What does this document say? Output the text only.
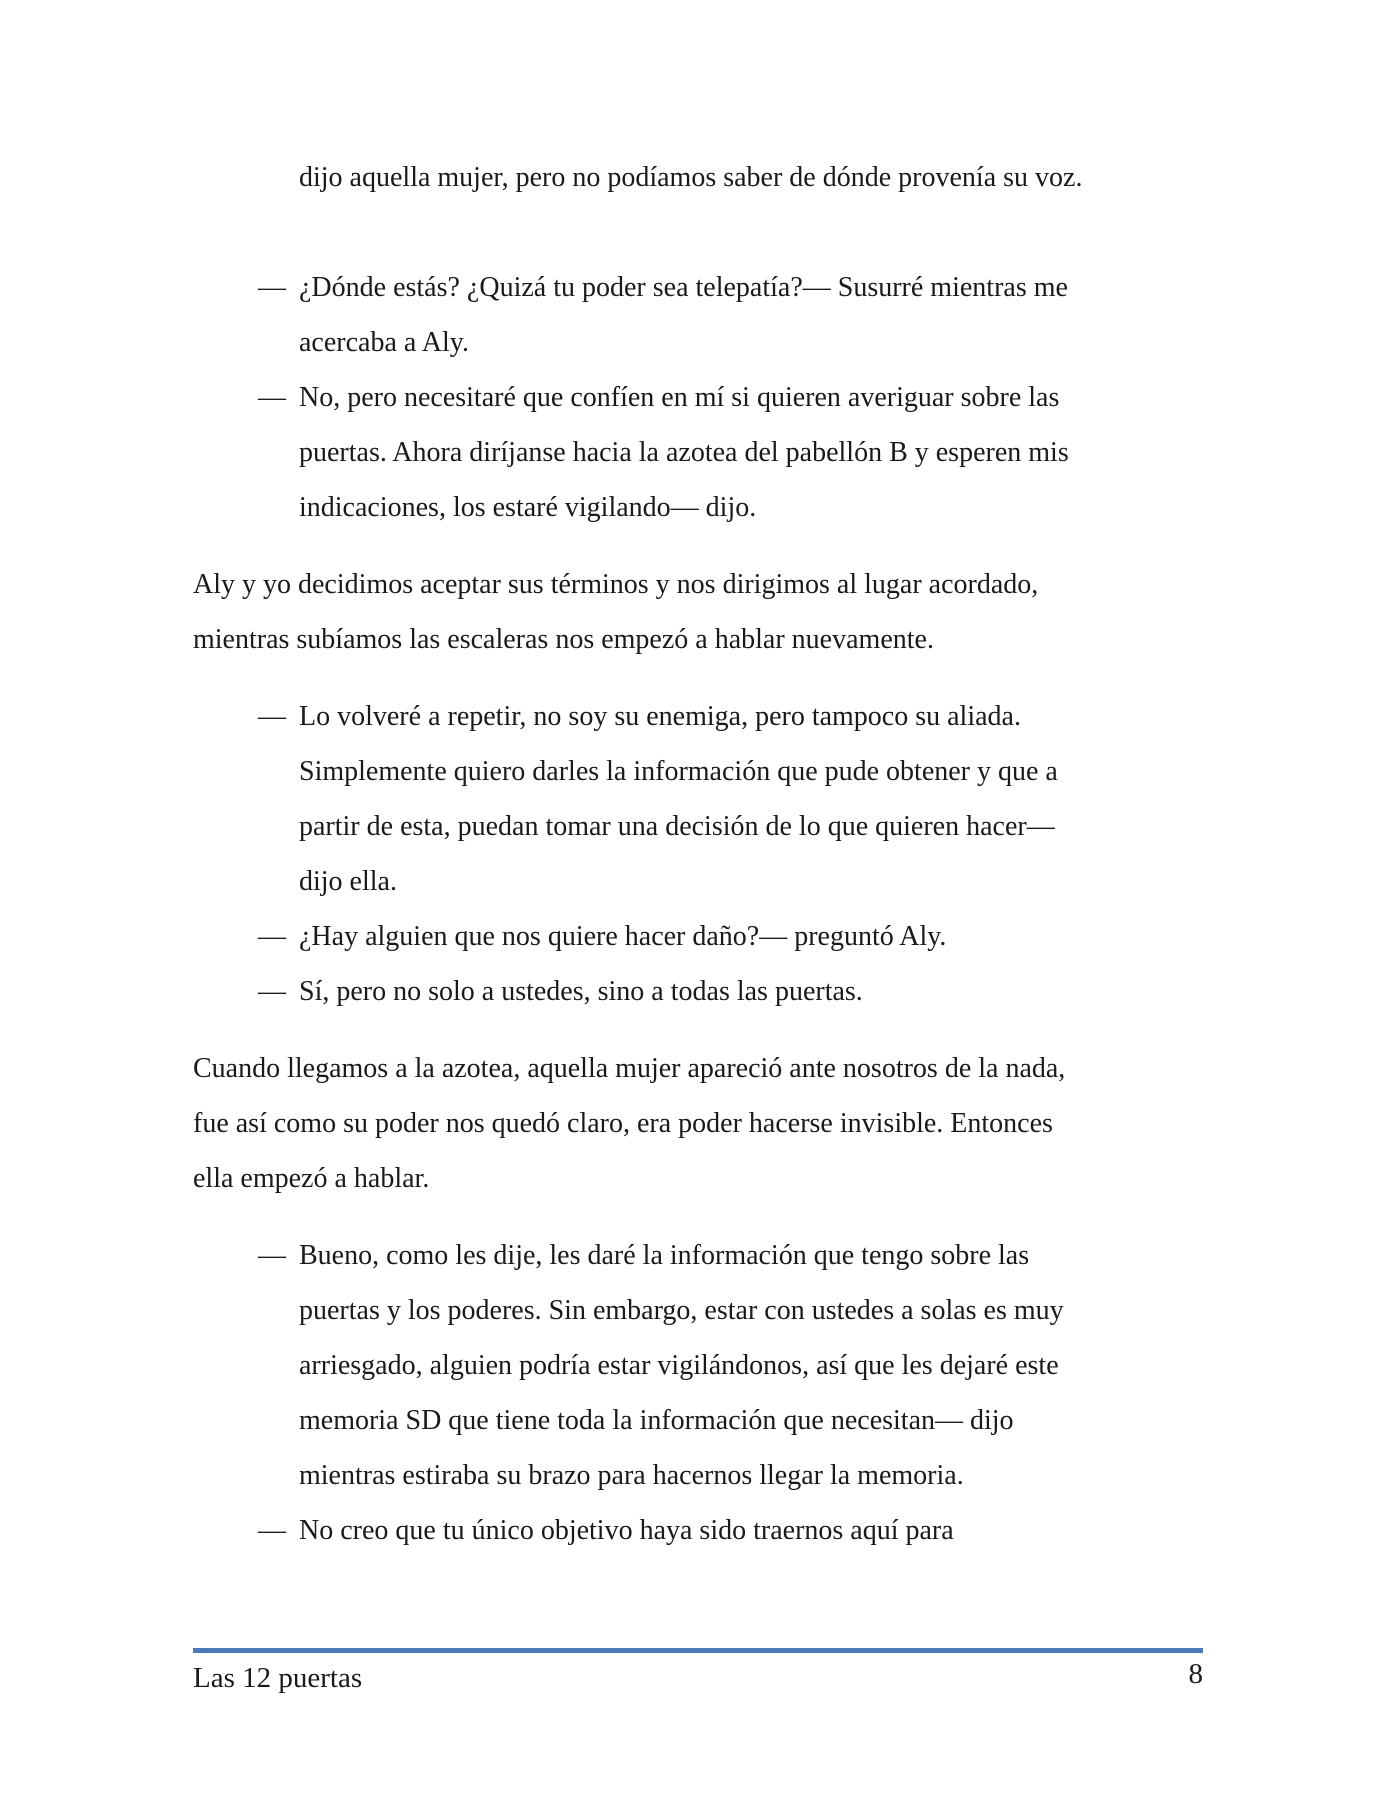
dijo aquella mujer, pero no podíamos saber de dónde provenía su voz.
— ¿Dónde estás? ¿Quizá tu poder sea telepatía?— Susurré mientras me
acercaba a Aly.
— No, pero necesitaré que confíen en mí si quieren averiguar sobre las
puertas. Ahora diríjanse hacia la azotea del pabellón B y esperen mis
indicaciones, los estaré vigilando— dijo.
Aly y yo decidimos aceptar sus términos y nos dirigimos al lugar acordado,
mientras subíamos las escaleras nos empezó a hablar nuevamente.
— Lo volveré a repetir, no soy su enemiga, pero tampoco su aliada.
Simplemente quiero darles la información que pude obtener y que a
partir de esta, puedan tomar una decisión de lo que quieren hacer—
dijo ella.
— ¿Hay alguien que nos quiere hacer daño?— preguntó Aly.
— Sí, pero no solo a ustedes, sino a todas las puertas.
Cuando llegamos a la azotea, aquella mujer apareció ante nosotros de la nada,
fue así como su poder nos quedó claro, era poder hacerse invisible. Entonces
ella empezó a hablar.
— Bueno, como les dije, les daré la información que tengo sobre las
puertas y los poderes. Sin embargo, estar con ustedes a solas es muy
arriesgado, alguien podría estar vigilándonos, así que les dejaré este
memoria SD que tiene toda la información que necesitan— dijo
mientras estiraba su brazo para hacernos llegar la memoria.
— No creo que tu único objetivo haya sido traernos aquí para
Las 12 puertas	8
